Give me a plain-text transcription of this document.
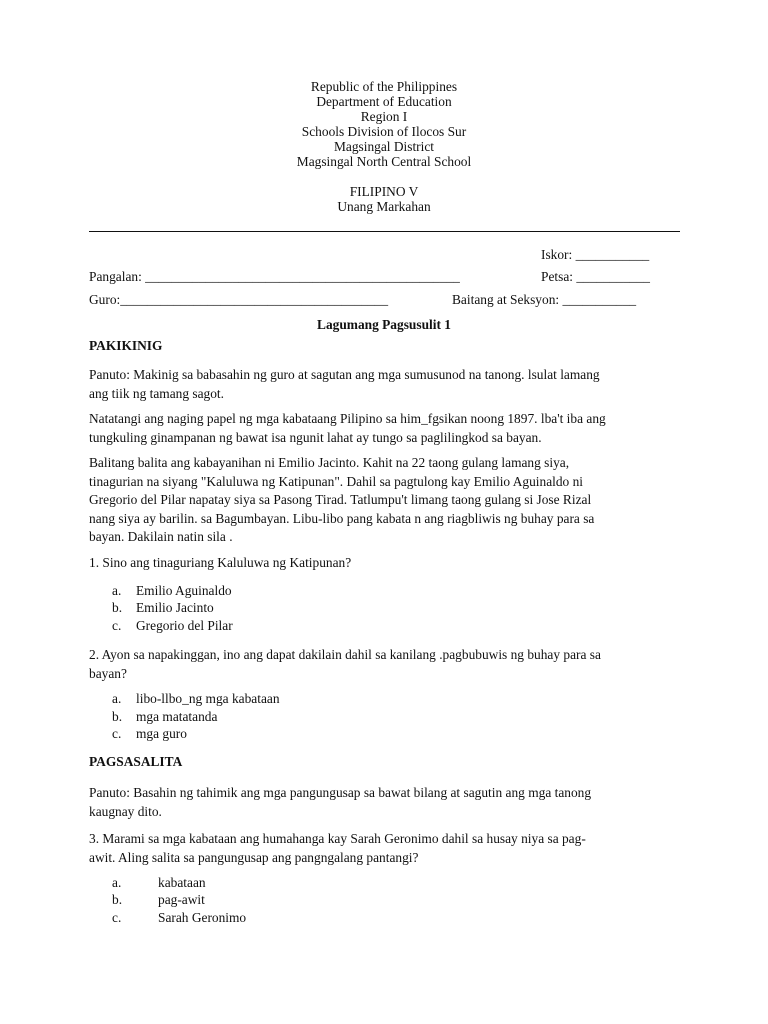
Republic of the Philippines
Department of Education
Region I
Schools Division of Ilocos Sur
Magsingal District
Magsingal North Central School
FILIPINO V
Unang Markahan
Iskor: ___________
Pangalan: _______________________________________________	Petsa: ___________
Guro:________________________________________	Baitang at Seksyon: ___________
Lagumang Pagsusulit 1
PAKIKINIG
Panuto: Makinig sa babasahin ng guro at sagutan ang mga sumusunod na tanong. lsulat lamang
ang tiik ng tamang sagot.
Natatangi ang naging papel ng mga kabataang Pilipino sa him_fgsikan noong 1897. lba't iba ang
tungkuling ginampanan ng bawat isa ngunit lahat ay tungo sa paglilingkod sa bayan.
Balitang balita ang kabayanihan ni Emilio Jacinto. Kahit na 22 taong gulang lamang siya,
tinagurian na siyang "Kaluluwa ng Katipunan". Dahil sa pagtulong kay Emilio Aguinaldo ni
Gregorio del Pilar napatay siya sa Pasong Tirad. Tatlumpu't limang taong gulang si Jose Rizal
nang siya ay barilin. sa Bagumbayan. Libu-libo pang kabata n ang riagbliwis ng buhay para sa
bayan. Dakilain natin sila .
1. Sino ang tinaguriang Kaluluwa ng Katipunan?
a. Emilio Aguinaldo
b. Emilio Jacinto
c. Gregorio del Pilar
2. Ayon sa napakinggan, ino ang dapat dakilain dahil sa kanilang .pagbubuwis ng buhay para sa
bayan?
a. libo-llbo_ng mga kabataan
b. mga matatanda
c. mga guro
PAGSASALITA
Panuto: Basahin ng tahimik ang mga pangungusap sa bawat bilang at sagutin ang mga tanong
kaugnay dito.
3. Marami sa mga kabataan ang humahanga kay Sarah Geronimo dahil sa husay niya sa pag-
awit. Aling salita sa pangungusap ang pangngalang pantangi?
a.	kabataan
b.	pag-awit
c.	Sarah Geronimo
